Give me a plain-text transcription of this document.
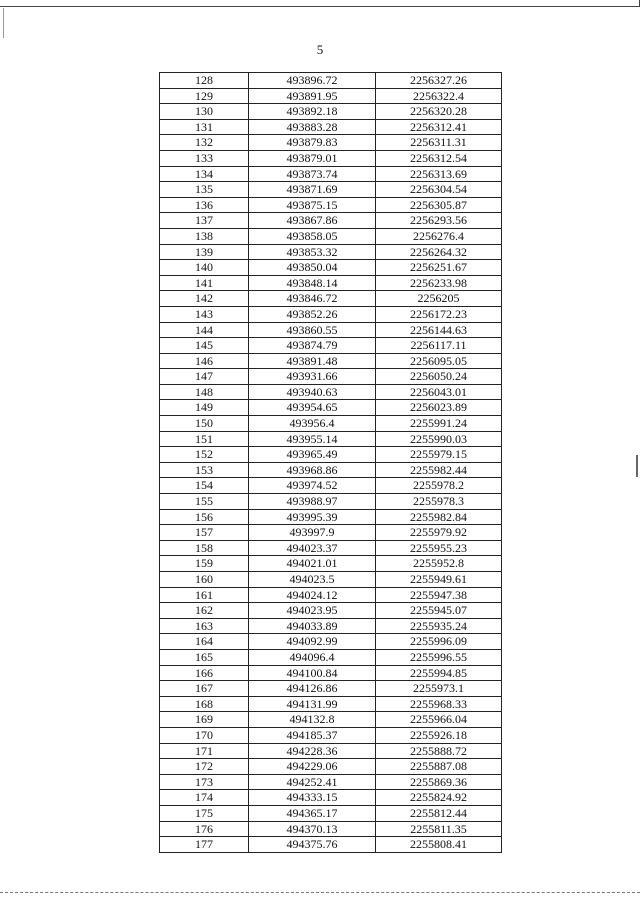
5
128	493896.72	2256327.26
129	493891.95	2256322.4
130	493892.18	2256320.28
131	493883.28	2256312.41
132	493879.83	2256311.31
133	493879.01	2256312.54
134	493873.74	2256313.69
135	493871.69	2256304.54
136	493875.15	2256305.87
137	493867.86	2256293.56
138	493858.05	2256276.4
139	493853.32	2256264.32
140	493850.04	2256251.67
141	493848.14	2256233.98
142	493846.72	2256205
143	493852.26	2256172.23
144	493860.55	2256144.63
145	493874.79	2256117.11
146	493891.48	2256095.05
147	493931.66	2256050.24
148	493940.63	2256043.01
149	493954.65	2256023.89
150	493956.4	2255991.24
151	493955.14	2255990.03
152	493965.49	2255979.15
153	493968.86	2255982.44
154	493974.52	2255978.2
155	493988.97	2255978.3
156	493995.39	2255982.84
157	493997.9	2255979.92
158	494023.37	2255955.23
159	494021.01	2255952.8
160	494023.5	2255949.61
161	494024.12	2255947.38
162	494023.95	2255945.07
163	494033.89	2255935.24
164	494092.99	2255996.09
165	494096.4	2255996.55
166	494100.84	2255994.85
167	494126.86	2255973.1
168	494131.99	2255968.33
169	494132.8	2255966.04
170	494185.37	2255926.18
171	494228.36	2255888.72
172	494229.06	2255887.08
173	494252.41	2255869.36
174	494333.15	2255824.92
175	494365.17	2255812.44
176	494370.13	2255811.35
177	494375.76	2255808.41
